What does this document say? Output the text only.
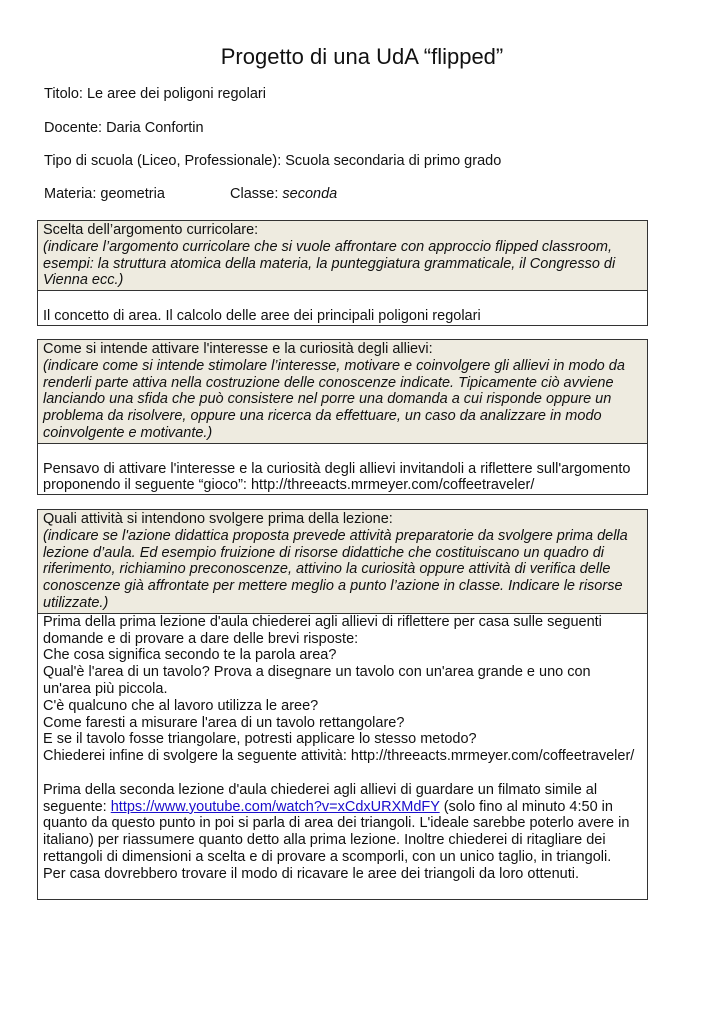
Progetto di una UdA “flipped”
Titolo: Le aree dei poligoni regolari
Docente: Daria Confortin
Tipo di scuola (Liceo, Professionale): Scuola secondaria di primo grado
Materia: geometria	Classe: seconda
Scelta dell’argomento curricolare:
(indicare l’argomento curricolare che si vuole affrontare con approccio flipped classroom,
esempi: la struttura atomica della materia, la punteggiatura grammaticale, il Congresso di
Vienna ecc.)

Il concetto di area. Il calcolo delle aree dei principali poligoni regolari
Come si intende attivare l'interesse e la curiosità degli allievi:
(indicare come si intende stimolare l’interesse, motivare e coinvolgere gli allievi in modo da
renderli parte attiva nella costruzione delle conoscenze indicate. Tipicamente ciò avviene
lanciando una sfida che può consistere nel porre una domanda a cui risponde oppure un
problema da risolvere, oppure una ricerca da effettuare, un caso da analizzare in modo
coinvolgente e motivante.)

Pensavo di attivare l'interesse e la curiosità degli allievi invitandoli a riflettere sull'argomento
proponendo il seguente “gioco”: http://threeacts.mrmeyer.com/coffeetraveler/
Quali attività si intendono svolgere prima della lezione:
(indicare se l'azione didattica proposta prevede attività preparatorie da svolgere prima della
lezione d’aula. Ed esempio fruizione di risorse didattiche che costituiscano un quadro di
riferimento, richiamino preconoscenze, attivino la curiosità oppure attività di verifica delle
conoscenze già affrontate per mettere meglio a punto l’azione in classe. Indicare le risorse
utilizzate.)
Prima della prima lezione d'aula chiederei agli allievi di riflettere per casa sulle seguenti
domande e di provare a dare delle brevi risposte:
Che cosa significa secondo te la parola area?
Qual'è l'area di un tavolo? Prova a disegnare un tavolo con un'area grande e uno con
un'area più piccola.
C'è qualcuno che al lavoro utilizza le aree?
Come faresti a misurare l'area di un tavolo rettangolare?
E se il tavolo fosse triangolare, potresti applicare lo stesso metodo?
Chiederei infine di svolgere la seguente attività: http://threeacts.mrmeyer.com/coffeetraveler/

Prima della seconda lezione d'aula chiederei agli allievi di guardare un filmato simile al
seguente: https://www.youtube.com/watch?v=xCdxURXMdFY (solo fino al minuto 4:50 in
quanto da questo punto in poi si parla di area dei triangoli. L'ideale sarebbe poterlo avere in
italiano) per riassumere quanto detto alla prima lezione. Inoltre chiederei di ritagliare dei
rettangoli di dimensioni a scelta e di provare a scomporli, con un unico taglio, in triangoli.
Per casa dovrebbero trovare il modo di ricavare le aree dei triangoli da loro ottenuti.
